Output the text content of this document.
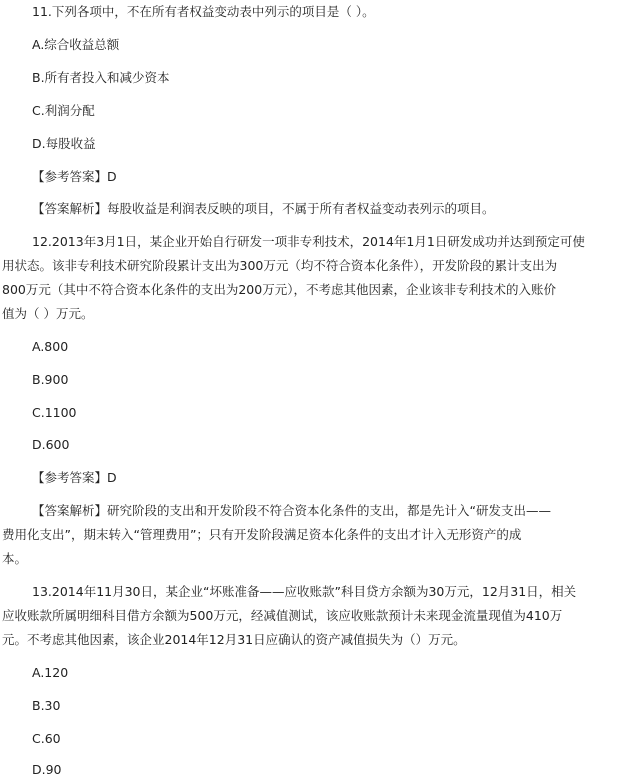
11.下列各项中，不在所有者权益变动表中列示的项目是（ ）。
A.综合收益总额
B.所有者投入和减少资本
C.利润分配
D.每股收益
【参考答案】D
【答案解析】每股收益是利润表反映的项目，不属于所有者权益变动表列示的项目。
12.2013年3月1日，某企业开始自行研发一项非专利技术，2014年1月1日研发成功并达到预定可使
用状态。该非专利技术研究阶段累计支出为300万元（均不符合资本化条件），开发阶段的累计支出为
800万元（其中不符合资本化条件的支出为200万元），不考虑其他因素，企业该非专利技术的入账价
值为（ ）万元。
A.800
B.900
C.1100
D.600
【参考答案】D
【答案解析】研究阶段的支出和开发阶段不符合资本化条件的支出，都是先计入“研发支出——
费用化支出”，期末转入“管理费用”；只有开发阶段满足资本化条件的支出才计入无形资产的成
本。
13.2014年11月30日，某企业“坏账准备——应收账款”科目贷方余额为30万元，12月31日，相关
应收账款所属明细科目借方余额为500万元，经减值测试，该应收账款预计未来现金流量现值为410万
元。不考虑其他因素，该企业2014年12月31日应确认的资产减值损失为（）万元。
A.120
B.30
C.60
D.90
